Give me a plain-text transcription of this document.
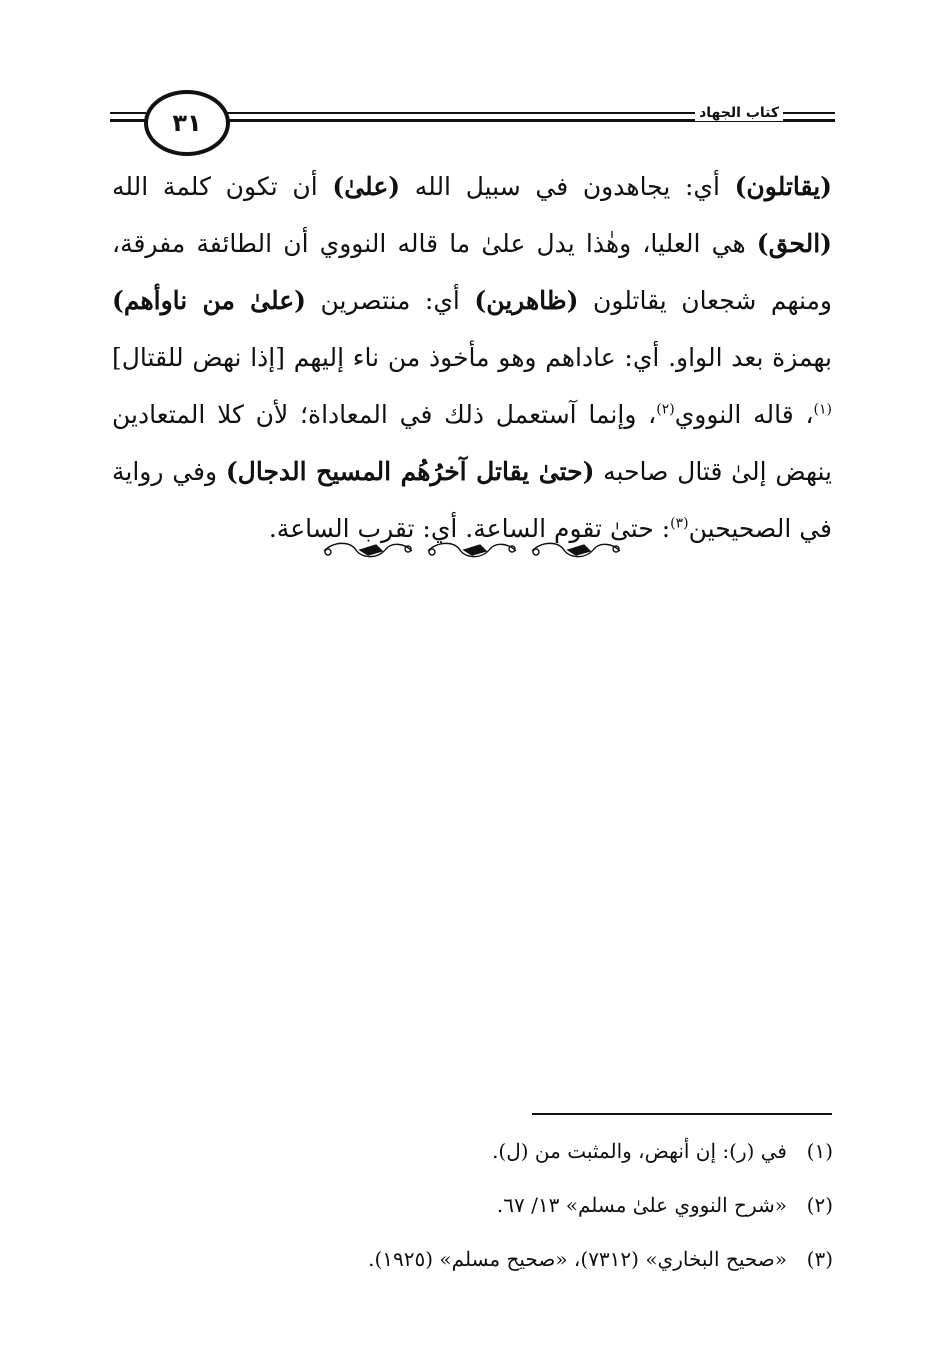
٣١	كتاب الجهاد
(يقاتلون) أي: يجاهدون في سبيل الله (علىٰ) أن تكون كلمة الله (الحق) هي العليا، وهٰذا يدل علىٰ ما قاله النووي أن الطائفة مفرقة، ومنهم شجعان يقاتلون (ظاهرين) أي: منتصرين (علىٰ من ناوأهم) بهمزة بعد الواو. أي: عاداهم وهو مأخوذ من ناء إليهم [إذا نهض للقتال]$^{(١)}$، قاله النووي$^{(٢)}$، وإنما آستعمل ذلك في المعاداة؛ لأن كلا المتعادين ينهض إلىٰ قتال صاحبه (حتىٰ يقاتل آخرُهُم المسيح الدجال) وفي رواية في الصحيحين$^{(٣)}$: حتىٰ تقوم الساعة. أي: تقرب الساعة.
(١)في (ر): إن أنهض، والمثبت من (ل).
(٢)«شرح النووي علىٰ مسلم» ١٣/ ٦٧.
(٣)«صحيح البخاري» (٧٣١٢)، «صحيح مسلم» (١٩٢٥).
